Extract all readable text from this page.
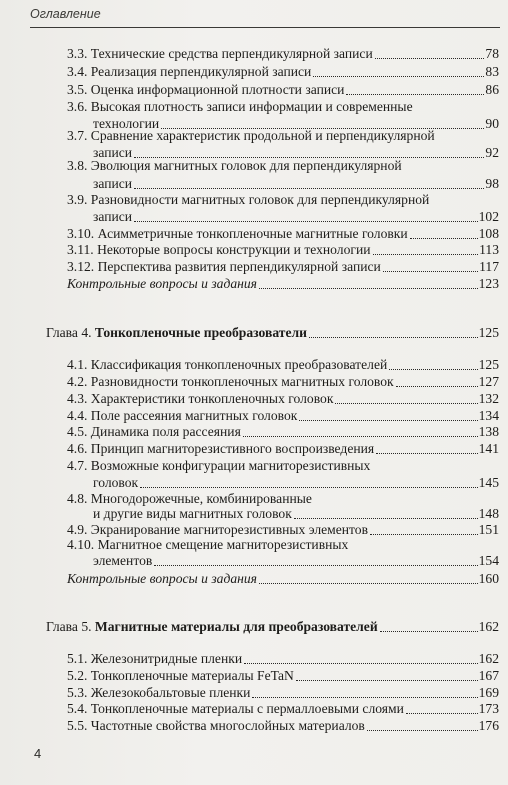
Оглавление
3.3. Технические средства перпендикулярной записи	78
3.4. Реализация перпендикулярной записи	83
3.5. Оценка информационной плотности записи	86
3.6. Высокая плотность записи информации и современные
технологии	90
3.7. Сравнение характеристик продольной и перпендикулярной
записи	92
3.8. Эволюция магнитных головок для перпендикулярной
записи	98
3.9. Разновидности магнитных головок для перпендикулярной
записи	102
3.10. Асимметричные тонкопленочные магнитные головки	108
3.11. Некоторые вопросы конструкции и технологии	113
3.12. Перспектива развития перпендикулярной записи	117
Контрольные вопросы и задания	123
Глава 4. Тонкопленочные преобразователи	125
4.1. Классификация тонкопленочных преобразователей	125
4.2. Разновидности тонкопленочных магнитных головок	127
4.3. Характеристики тонкопленочных головок	132
4.4. Поле рассеяния магнитных головок	134
4.5. Динамика поля рассеяния	138
4.6. Принцип магниторезистивного воспроизведения	141
4.7. Возможные конфигурации магниторезистивных
головок	145
4.8. Многодорожечные, комбинированные
и другие виды магнитных головок	148
4.9. Экранирование магниторезистивных элементов	151
4.10. Магнитное смещение магниторезистивных
элементов	154
Контрольные вопросы и задания	160
Глава 5. Магнитные материалы для преобразователей	162
5.1. Железонитридные пленки	162
5.2. Тонкопленочные материалы FeTaN	167
5.3. Железокобальтовые пленки	169
5.4. Тонкопленочные материалы с пермаллоевыми слоями	173
5.5. Частотные свойства многослойных материалов	176
4
